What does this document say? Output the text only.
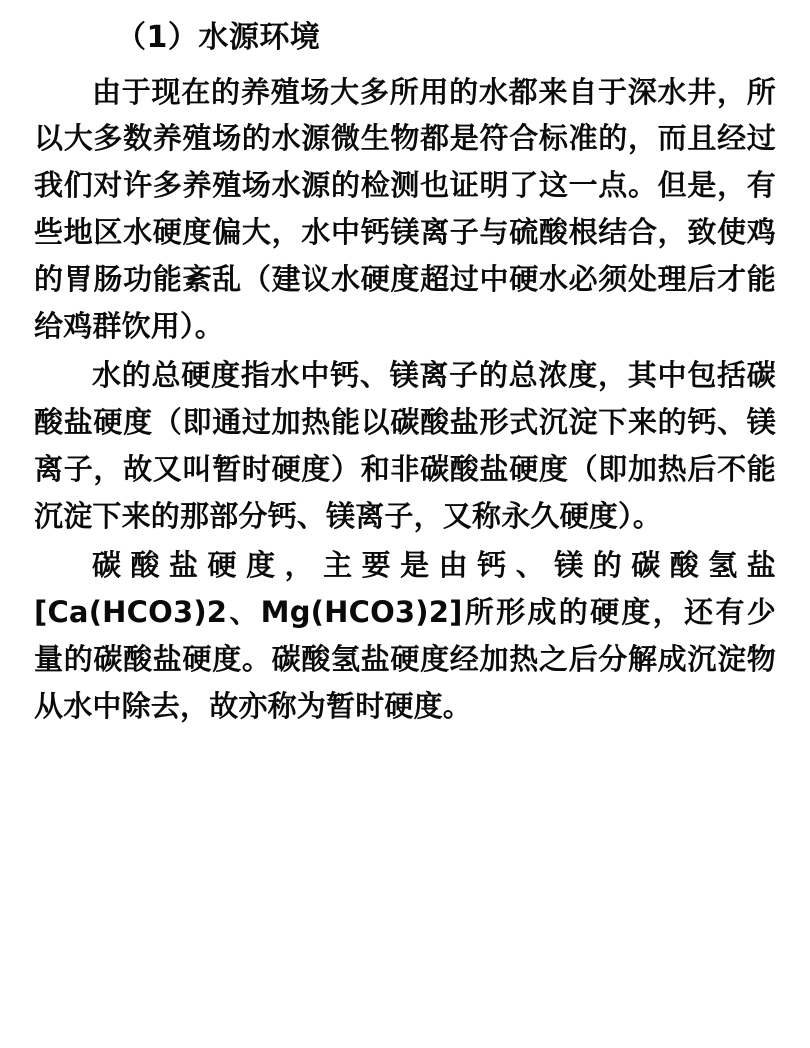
（1）水源环境

由于现在的养殖场大多所用的水都来自于深水井，所以大多数养殖场的水源微生物都是符合标准的，而且经过我们对许多养殖场水源的检测也证明了这一点。但是，有些地区水硬度偏大，水中钙镁离子与硫酸根结合，致使鸡的胃肠功能紊乱（建议水硬度超过中硬水必须处理后才能给鸡群饮用）。

水的总硬度指水中钙、镁离子的总浓度，其中包括碳酸盐硬度（即通过加热能以碳酸盐形式沉淀下来的钙、镁离子，故又叫暂时硬度）和非碳酸盐硬度（即加热后不能沉淀下来的那部分钙、镁离子，又称永久硬度）。

碳酸盐硬度，主要是由钙、镁的碳酸氢盐[Ca(HCO3)2、Mg(HCO3)2]所形成的硬度，还有少量的碳酸盐硬度。碳酸氢盐硬度经加热之后分解成沉淀物从水中除去，故亦称为暂时硬度。
